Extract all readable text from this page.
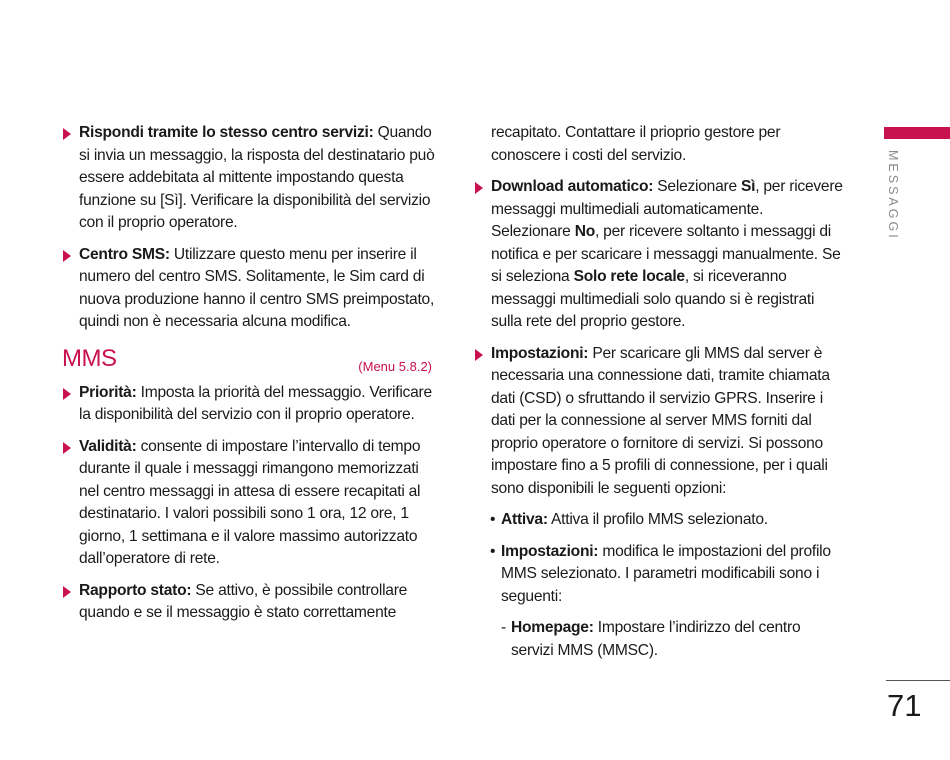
Rispondi tramite lo stesso centro servizi: Quando si invia un messaggio, la risposta del destinatario può essere addebitata al mittente impostando questa funzione su [Sì]. Verificare la disponibilità del servizio con il proprio operatore.
Centro SMS: Utilizzare questo menu per inserire il numero del centro SMS. Solitamente, le Sim card di nuova produzione hanno il centro SMS preimpostato, quindi non è necessaria alcuna modifica.
MMS	(Menu 5.8.2)
Priorità: Imposta la priorità del messaggio. Verificare la disponibilità del servizio con il proprio operatore.
Validità: consente di impostare l’intervallo di tempo durante il quale i messaggi rimangono memorizzati nel centro messaggi in attesa di essere recapitati al destinatario. I valori possibili sono 1 ora, 12 ore, 1 giorno, 1 settimana e il valore massimo autorizzato dall’operatore di rete.
Rapporto stato: Se attivo, è possibile controllare quando e se il messaggio è stato correttamente
recapitato. Contattare il prioprio gestore per conoscere i costi del servizio.
Download automatico: Selezionare Sì, per ricevere messaggi multimediali automaticamente. Selezionare No, per ricevere soltanto i messaggi di notifica e per scaricare i messaggi manualmente. Se si seleziona Solo rete locale, si riceveranno messaggi multimediali solo quando si è registrati sulla rete del proprio gestore.
Impostazioni: Per scaricare gli MMS dal server è necessaria una connessione dati, tramite chiamata dati (CSD) o sfruttando il servizio GPRS. Inserire i dati per la connessione al server MMS forniti dal proprio operatore o fornitore di servizi. Si possono impostare fino a 5 profili di connessione, per i quali sono disponibili le seguenti opzioni:
• Attiva: Attiva il profilo MMS selezionato.
• Impostazioni: modifica le impostazioni del profilo MMS selezionato. I parametri modificabili sono i seguenti:
- Homepage: Impostare l’indirizzo del centro servizi MMS (MMSC).
MESSAGGI
71
